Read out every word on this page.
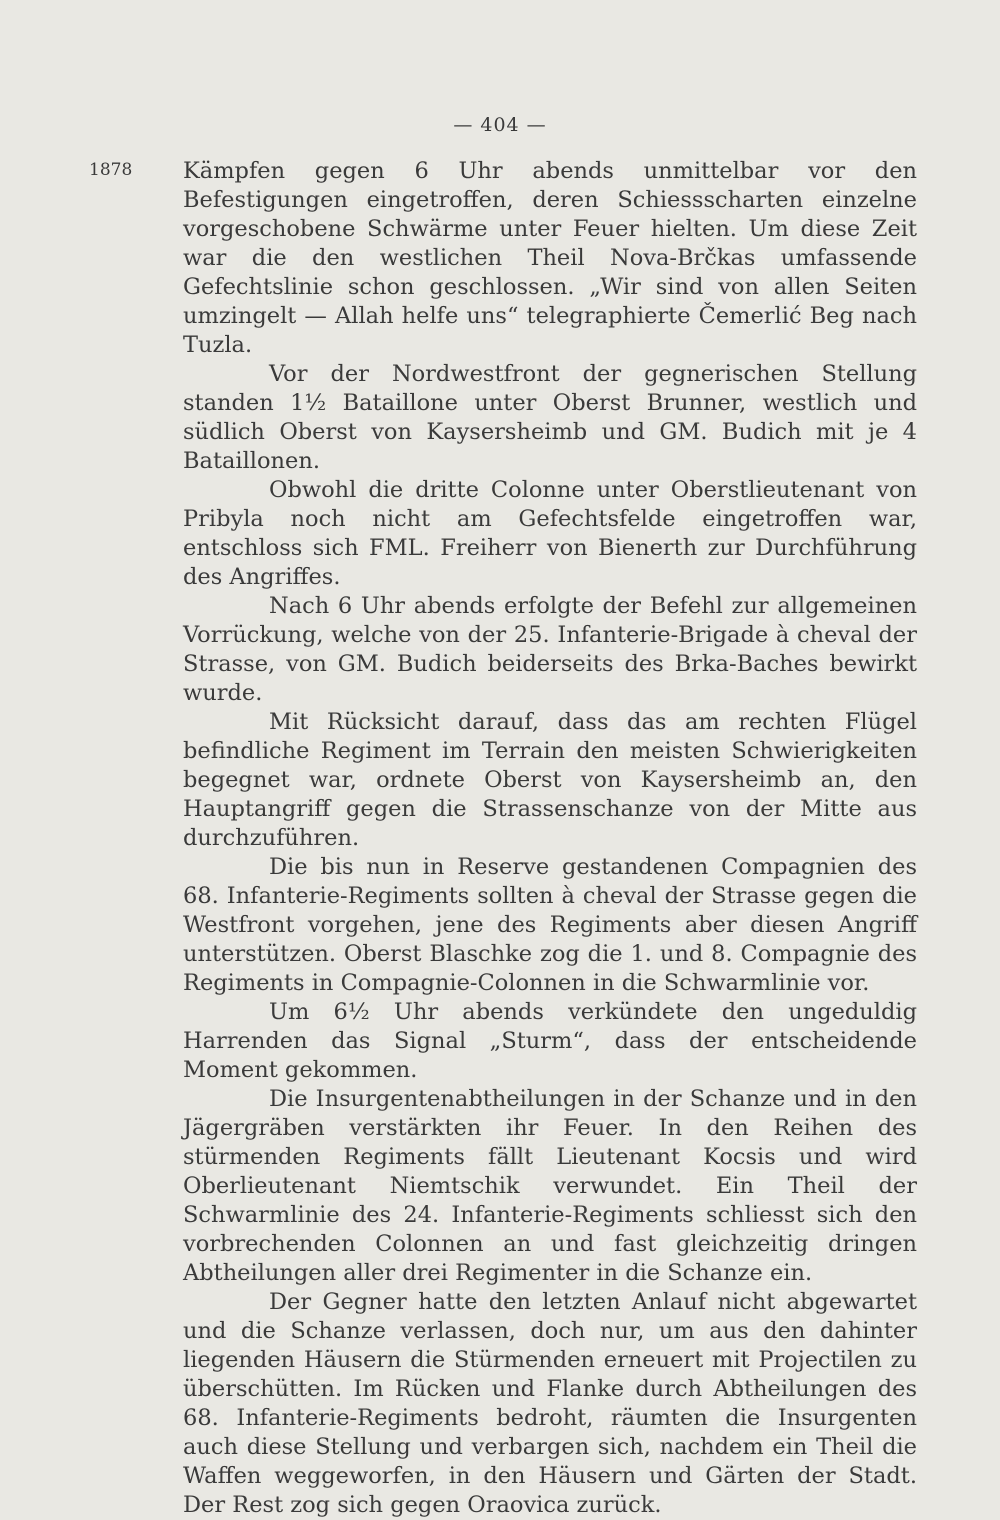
— 404 —
1878 Kämpfen gegen 6 Uhr abends unmittelbar vor den Befestigungen eingetroffen, deren Schiessscharten einzelne vorgeschobene Schwärme unter Feuer hielten. Um diese Zeit war die den westlichen Theil Nova-Brčkas umfassende Gefechtslinie schon geschlossen. „Wir sind von allen Seiten umzingelt — Allah helfe uns“ telegraphierte Čemerlić Beg nach Tuzla.

Vor der Nordwestfront der gegnerischen Stellung standen 1½ Bataillone unter Oberst Brunner, westlich und südlich Oberst von Kaysersheimb und GM. Budich mit je 4 Bataillonen.

Obwohl die dritte Colonne unter Oberstlieutenant von Pribyla noch nicht am Gefechtsfelde eingetroffen war, entschloss sich FML. Freiherr von Bienerth zur Durchführung des Angriffes.

Nach 6 Uhr abends erfolgte der Befehl zur allgemeinen Vorrückung, welche von der 25. Infanterie-Brigade à cheval der Strasse, von GM. Budich beiderseits des Brka-Baches bewirkt wurde.

Mit Rücksicht darauf, dass das am rechten Flügel befindliche Regiment im Terrain den meisten Schwierigkeiten begegnet war, ordnete Oberst von Kaysersheimb an, den Hauptangriff gegen die Strassenschanze von der Mitte aus durchzuführen.

Die bis nun in Reserve gestandenen Compagnien des 68. Infanterie-Regiments sollten à cheval der Strasse gegen die Westfront vorgehen, jene des Regiments aber diesen Angriff unterstützen. Oberst Blaschke zog die 1. und 8. Compagnie des Regiments in Compagnie-Colonnen in die Schwarmlinie vor.

Um 6½ Uhr abends verkündete den ungeduldig Harrenden das Signal „Sturm“, dass der entscheidende Moment gekommen.

Die Insurgentenabtheilungen in der Schanze und in den Jägergräben verstärkten ihr Feuer. In den Reihen des stürmenden Regiments fällt Lieutenant Kocsis und wird Oberlieutenant Niemtschik verwundet. Ein Theil der Schwarmlinie des 24. Infanterie-Regiments schliesst sich den vorbrechenden Colonnen an und fast gleichzeitig dringen Abtheilungen aller drei Regimenter in die Schanze ein.

Der Gegner hatte den letzten Anlauf nicht abgewartet und die Schanze verlassen, doch nur, um aus den dahinter liegenden Häusern die Stürmenden erneuert mit Projectilen zu überschütten. Im Rücken und Flanke durch Abtheilungen des 68. Infanterie-Regiments bedroht, räumten die Insurgenten auch diese Stellung und verbargen sich, nachdem ein Theil die Waffen weggeworfen, in den Häusern und Gärten der Stadt. Der Rest zog sich gegen Oraovica zurück.
